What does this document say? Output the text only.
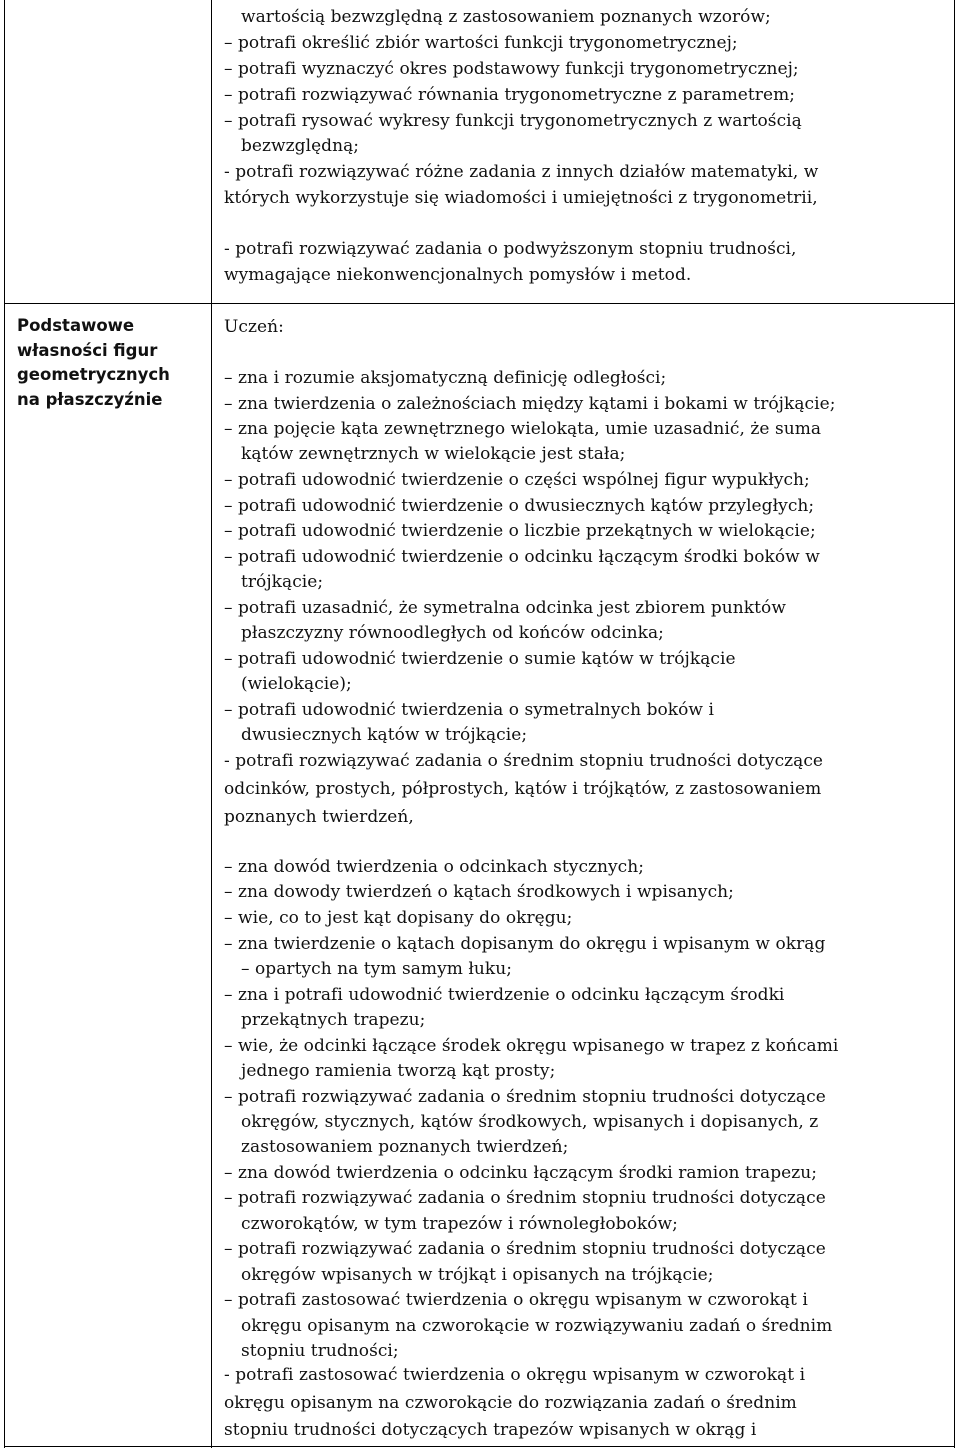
wartością bezwzględną z zastosowaniem poznanych wzorów;
– potrafi określić zbiór wartości funkcji trygonometrycznej;
– potrafi wyznaczyć okres podstawowy funkcji trygonometrycznej;
– potrafi rozwiązywać równania trygonometryczne z parametrem;
– potrafi rysować wykresy funkcji trygonometrycznych z wartością
bezwzględną;
- potrafi rozwiązywać różne zadania z innych działów matematyki, w
których wykorzystuje się wiadomości i umiejętności z trygonometrii,
- potrafi rozwiązywać zadania o podwyższonym stopniu trudności,
wymagające niekonwencjonalnych pomysłów i metod.
Podstawowe
własności figur
geometrycznych
na płaszczyźnie
Uczeń:
– zna i rozumie aksjomatyczną definicję odległości;
– zna twierdzenia o zależnościach między kątami i bokami w trójkącie;
– zna pojęcie kąta zewnętrznego wielokąta, umie uzasadnić, że suma
kątów zewnętrznych w wielokącie jest stała;
– potrafi udowodnić twierdzenie o części wspólnej figur wypukłych;
– potrafi udowodnić twierdzenie o dwusiecznych kątów przyległych;
– potrafi udowodnić twierdzenie o liczbie przekątnych w wielokącie;
– potrafi udowodnić twierdzenie o odcinku łączącym środki boków w
trójkącie;
– potrafi uzasadnić, że symetralna odcinka jest zbiorem punktów
płaszczyzny równoodległych od końców odcinka;
– potrafi udowodnić twierdzenie o sumie kątów w trójkącie
(wielokącie);
– potrafi udowodnić twierdzenia o symetralnych boków i
dwusiecznych kątów w trójkącie;
- potrafi rozwiązywać zadania o średnim stopniu trudności dotyczące
odcinków, prostych, półprostych, kątów i trójkątów, z zastosowaniem
poznanych twierdzeń,
– zna dowód twierdzenia o odcinkach stycznych;
– zna dowody twierdzeń o kątach środkowych i wpisanych;
– wie, co to jest kąt dopisany do okręgu;
– zna twierdzenie o kątach dopisanym do okręgu i wpisanym w okrąg
– opartych na tym samym łuku;
– zna i potrafi udowodnić twierdzenie o odcinku łączącym środki
przekątnych trapezu;
– wie, że odcinki łączące środek okręgu wpisanego w trapez z końcami
jednego ramienia tworzą kąt prosty;
– potrafi rozwiązywać zadania o średnim stopniu trudności dotyczące
okręgów, stycznych, kątów środkowych, wpisanych i dopisanych, z
zastosowaniem poznanych twierdzeń;
– zna dowód twierdzenia o odcinku łączącym środki ramion trapezu;
– potrafi rozwiązywać zadania o średnim stopniu trudności dotyczące
czworokątów, w tym trapezów i równoległoboków;
– potrafi rozwiązywać zadania o średnim stopniu trudności dotyczące
okręgów wpisanych w trójkąt i opisanych na trójkącie;
– potrafi zastosować twierdzenia o okręgu wpisanym w czworokąt i
okręgu opisanym na czworokącie w rozwiązywaniu zadań o średnim
stopniu trudności;
- potrafi zastosować twierdzenia o okręgu wpisanym w czworokąt i
okręgu opisanym na czworokącie do rozwiązania zadań o średnim
stopniu trudności dotyczących trapezów wpisanych w okrąg i
